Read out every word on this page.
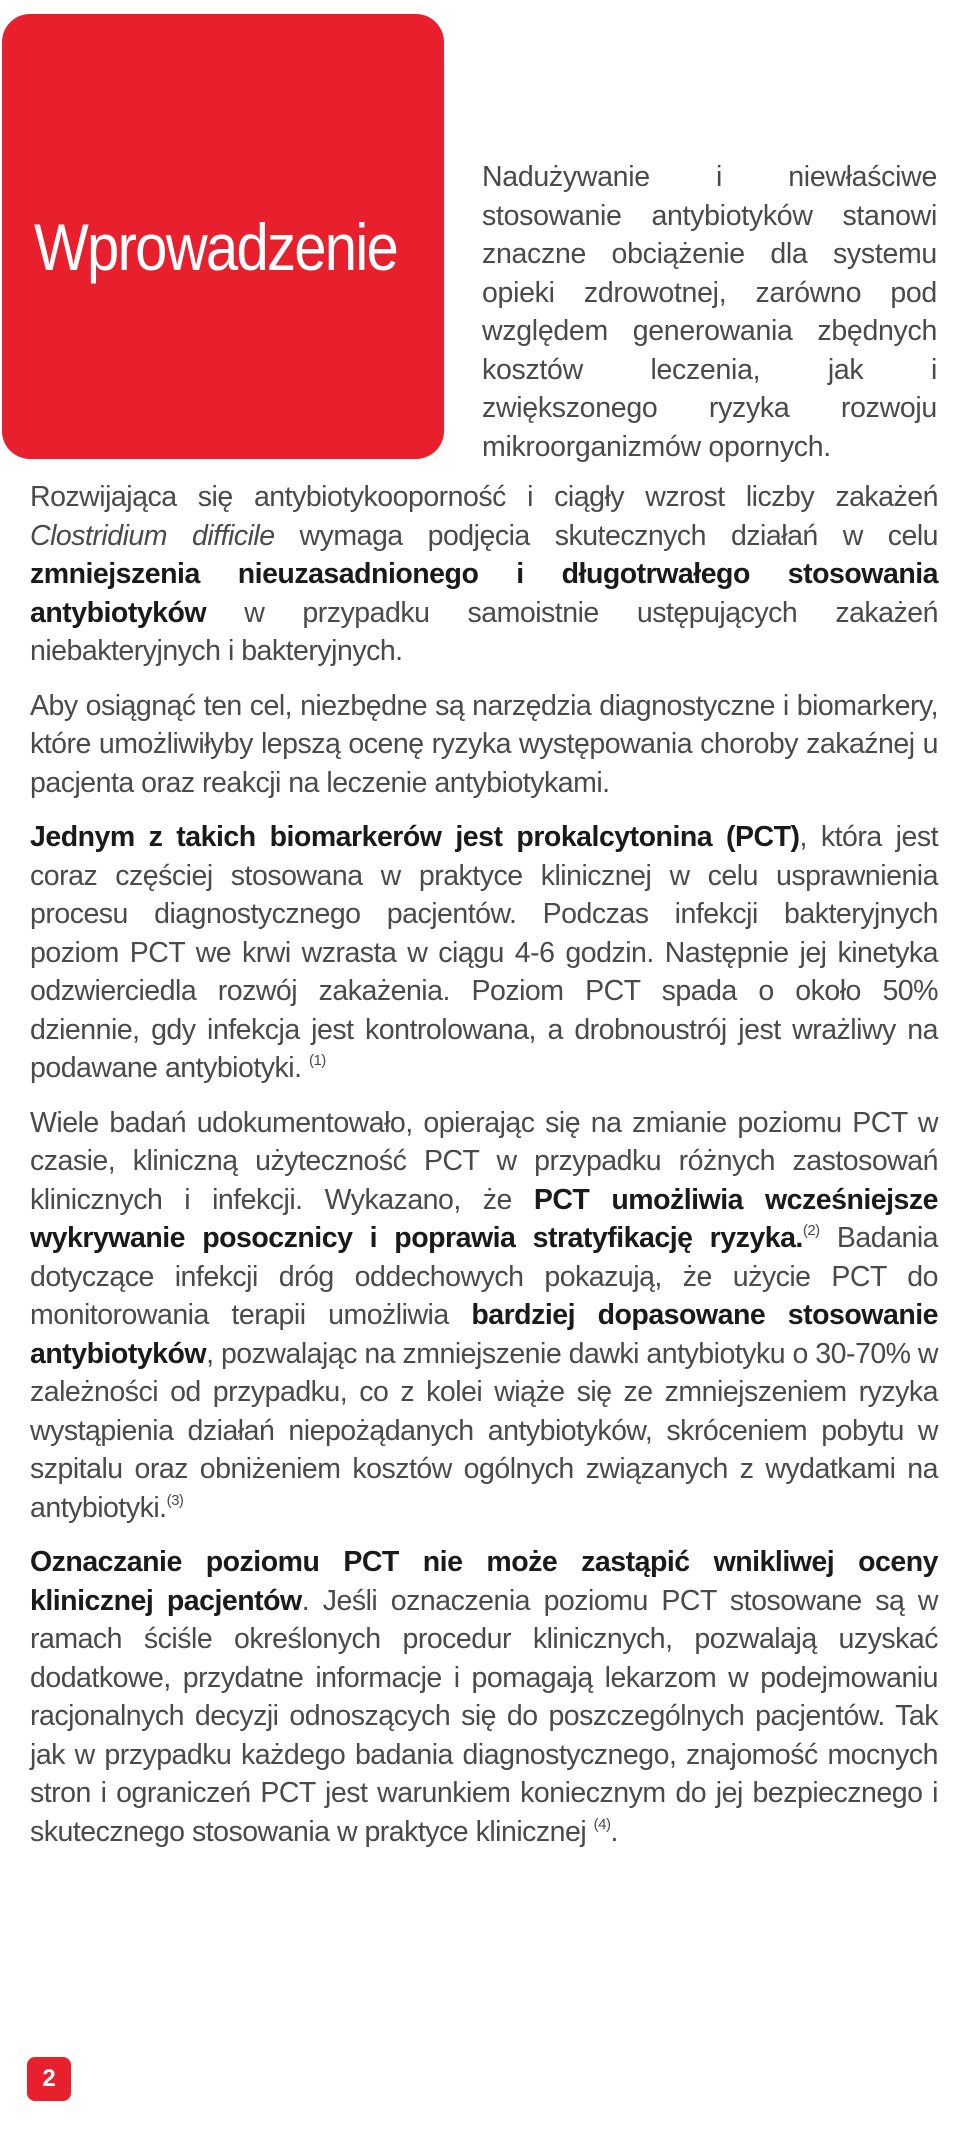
Wprowadzenie

Nadużywanie i niewłaściwe stosowanie antybiotyków stanowi znaczne obciążenie dla systemu opieki zdrowotnej, zarówno pod względem generowania zbędnych kosztów leczenia, jak i zwiększonego ryzyka rozwoju mikroorganizmów opornych.

Rozwijająca się antybiotykooporność i ciągły wzrost liczby zakażeń Clostridium difficile wymaga podjęcia skutecznych działań w celu zmniejszenia nieuzasadnionego i długotrwałego stosowania antybiotyków w przypadku samoistnie ustępujących zakażeń niebakteryjnych i bakteryjnych.

Aby osiągnąć ten cel, niezbędne są narzędzia diagnostyczne i biomarkery, które umożliwiłyby lepszą ocenę ryzyka występowania choroby zakaźnej u pacjenta oraz reakcji na leczenie antybiotykami.

Jednym z takich biomarkerów jest prokalcytonina (PCT), która jest coraz częściej stosowana w praktyce klinicznej w celu usprawnienia procesu diagnostycznego pacjentów. Podczas infekcji bakteryjnych poziom PCT we krwi wzrasta w ciągu 4-6 godzin. Następnie jej kinetyka odzwierciedla rozwój zakażenia. Poziom PCT spada o około 50% dziennie, gdy infekcja jest kontrolowana, a drobnoustrój jest wrażliwy na podawane antybiotyki. $^{(1)}$

Wiele badań udokumentowało, opierając się na zmianie poziomu PCT w czasie, kliniczną użyteczność PCT w przypadku różnych zastosowań klinicznych i infekcji. Wykazano, że PCT umożliwia wcześniejsze wykrywanie posocznicy i poprawia stratyfikację ryzyka.$^{(2)}$ Badania dotyczące infekcji dróg oddechowych pokazują, że użycie PCT do monitorowania terapii umożliwia bardziej dopasowane stosowanie antybiotyków, pozwalając na zmniejszenie dawki antybiotyku o 30-70% w zależności od przypadku, co z kolei wiąże się ze zmniejszeniem ryzyka wystąpienia działań niepożądanych antybiotyków, skróceniem pobytu w szpitalu oraz obniżeniem kosztów ogólnych związanych z wydatkami na antybiotyki.$^{(3)}$

Oznaczanie poziomu PCT nie może zastąpić wnikliwej oceny klinicznej pacjentów. Jeśli oznaczenia poziomu PCT stosowane są w ramach ściśle określonych procedur klinicznych, pozwalają uzyskać dodatkowe, przydatne informacje i pomagają lekarzom w podejmowaniu racjonalnych decyzji odnoszących się do poszczególnych pacjentów. Tak jak w przypadku każdego badania diagnostycznego, znajomość mocnych stron i ograniczeń PCT jest warunkiem koniecznym do jej bezpiecznego i skutecznego stosowania w praktyce klinicznej $^{(4)}$.

2
